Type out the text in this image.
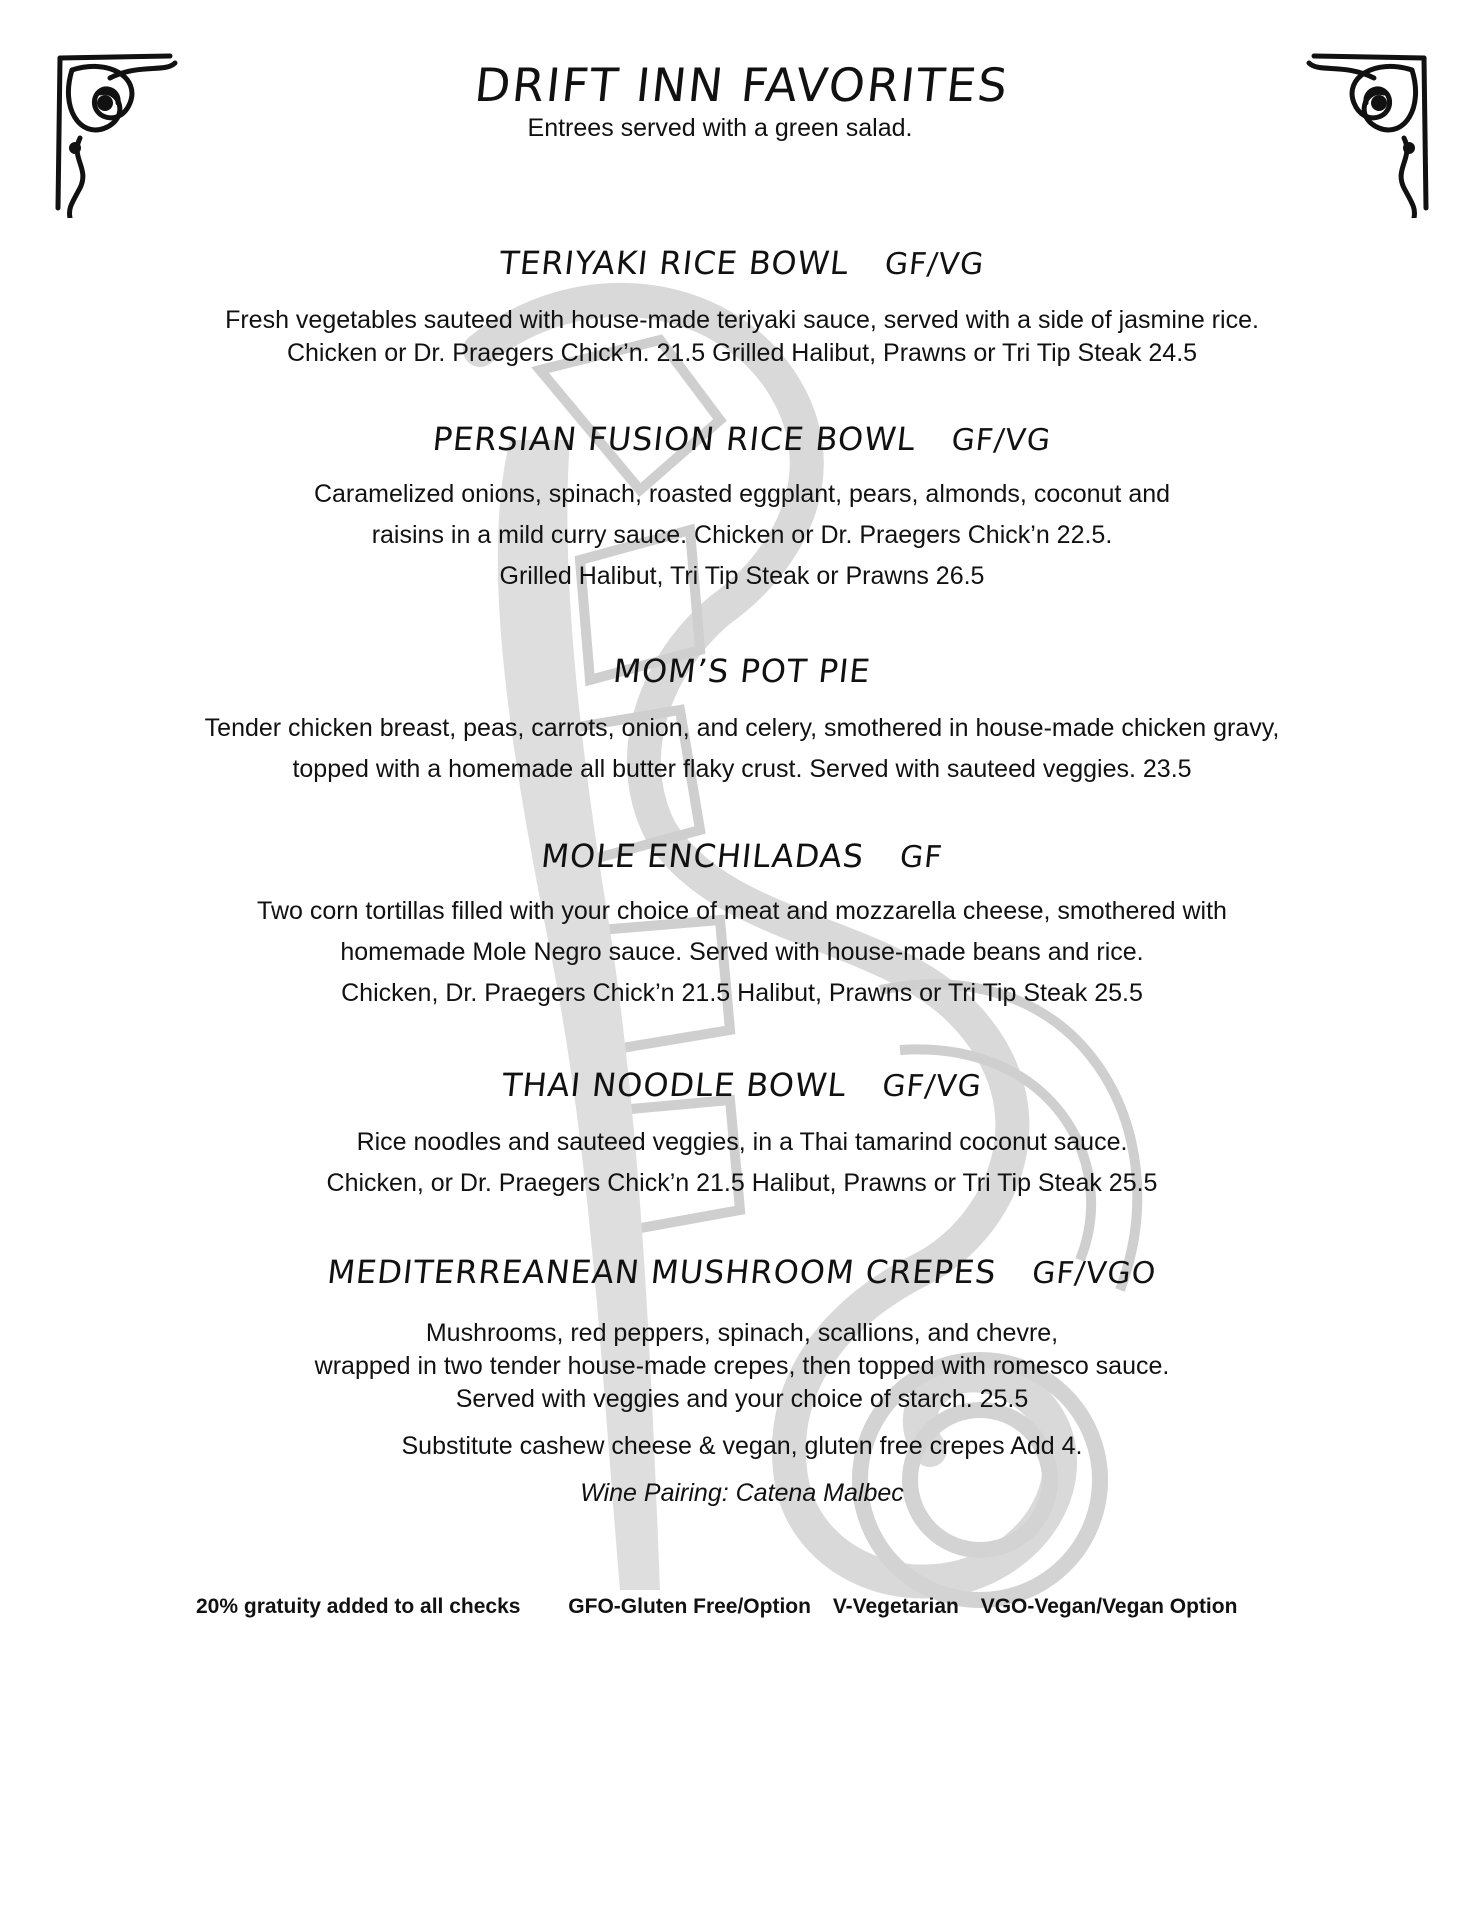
DRIFT INN FAVORITES

Entrees served with a green salad.

TERIYAKI RICE BOWL GF/VG

Fresh vegetables sauteed with house-made teriyaki sauce, served with a side of jasmine rice.

Chicken or Dr. Praegers Chick’n. 21.5 Grilled Halibut, Prawns or Tri Tip Steak 24.5

PERSIAN FUSION RICE BOWL GF/VG

Caramelized onions, spinach, roasted eggplant, pears, almonds, coconut and

raisins in a mild curry sauce. Chicken or Dr. Praegers Chick’n 22.5.

Grilled Halibut, Tri Tip Steak or Prawns 26.5

MOM’S POT PIE

Tender chicken breast, peas, carrots, onion, and celery, smothered in house-made chicken gravy,

topped with a homemade all butter flaky crust. Served with sauteed veggies. 23.5

MOLE ENCHILADAS GF

Two corn tortillas filled with your choice of meat and mozzarella cheese, smothered with

homemade Mole Negro sauce. Served with house-made beans and rice.

Chicken, Dr. Praegers Chick’n 21.5 Halibut, Prawns or Tri Tip Steak 25.5

THAI NOODLE BOWL GF/VG

Rice noodles and sauteed veggies, in a Thai tamarind coconut sauce.

Chicken, or Dr. Praegers Chick’n 21.5 Halibut, Prawns or Tri Tip Steak 25.5

MEDITERREANEAN MUSHROOM CREPES GF/VGO

Mushrooms, red peppers, spinach, scallions, and chevre,

wrapped in two tender house-made crepes, then topped with romesco sauce.

Served with veggies and your choice of starch. 25.5

Substitute cashew cheese & vegan, gluten free crepes Add 4.

Wine Pairing: Catena Malbec

20% gratuity added to all checks GFO-Gluten Free/Option V-Vegetarian VGO-Vegan/Vegan Option
